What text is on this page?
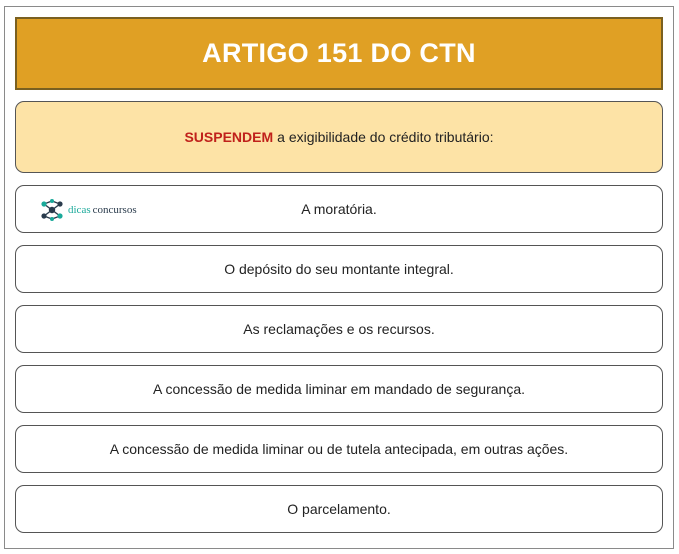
ARTIGO 151 DO CTN
SUSPENDEM a exigibilidade do crédito tributário:
dicas concursos	A moratória.
O depósito do seu montante integral.
As reclamações e os recursos.
A concessão de medida liminar em mandado de segurança.
A concessão de medida liminar ou de tutela antecipada, em outras ações.
O parcelamento.
